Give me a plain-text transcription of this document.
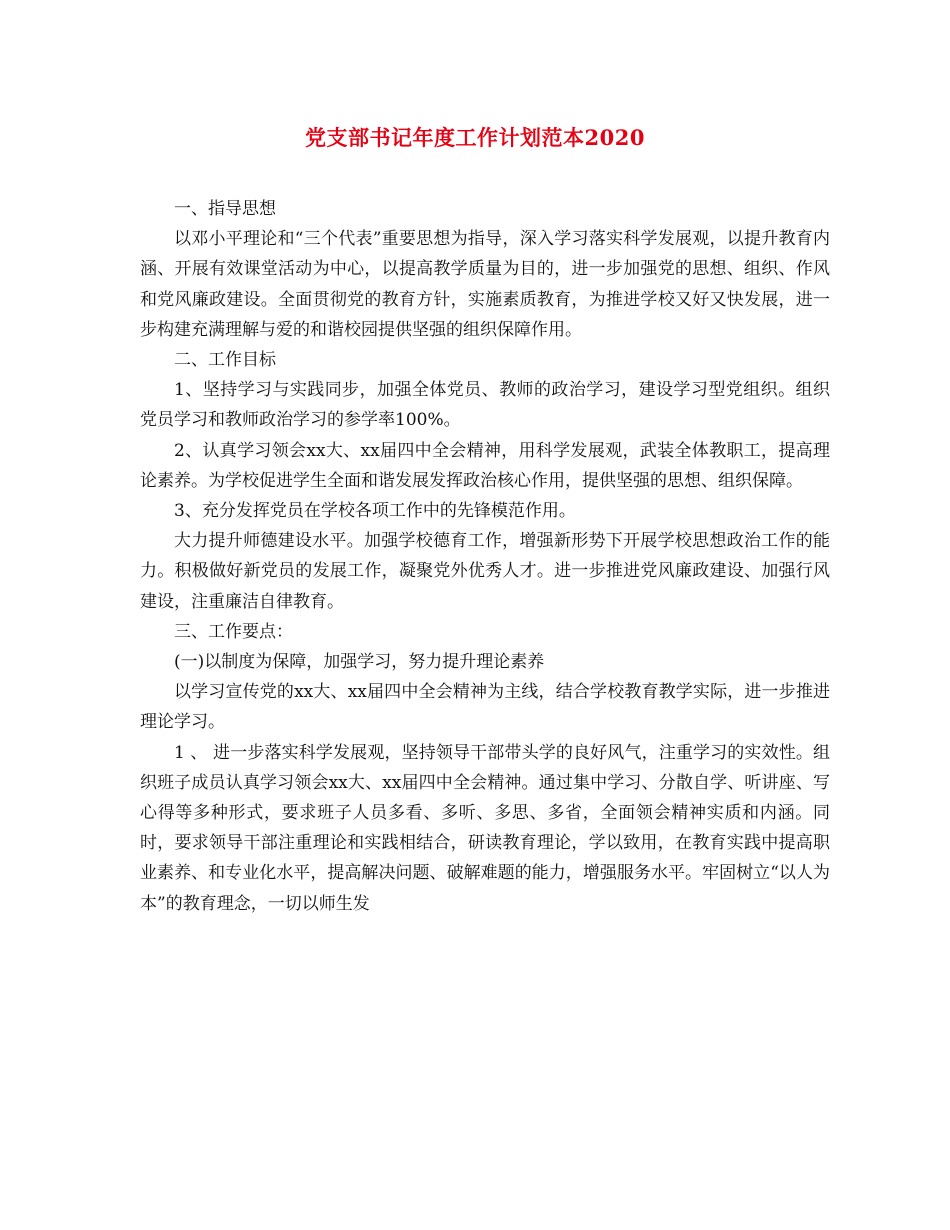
党支部书记年度工作计划范本2020

一、指导思想

以邓小平理论和“三个代表”重要思想为指导，深入学习落实科学发展观，以提升教育内涵、开展有效课堂活动为中心，以提高教学质量为目的，进一步加强党的思想、组织、作风和党风廉政建设。全面贯彻党的教育方针，实施素质教育，为推进学校又好又快发展，进一步构建充满理解与爱的和谐校园提供坚强的组织保障作用。

二、工作目标

1、坚持学习与实践同步，加强全体党员、教师的政治学习，建设学习型党组织。组织党员学习和教师政治学习的参学率100%。

2、认真学习领会xx大、xx届四中全会精神，用科学发展观，武装全体教职工，提高理论素养。为学校促进学生全面和谐发展发挥政治核心作用，提供坚强的思想、组织保障。

3、充分发挥党员在学校各项工作中的先锋模范作用。

大力提升师德建设水平。加强学校德育工作，增强新形势下开展学校思想政治工作的能力。积极做好新党员的发展工作，凝聚党外优秀人才。进一步推进党风廉政建设、加强行风建设，注重廉洁自律教育。

三、工作要点：

(一)以制度为保障，加强学习，努力提升理论素养

以学习宣传党的xx大、xx届四中全会精神为主线，结合学校教育教学实际，进一步推进理论学习。

1 、 进一步落实科学发展观，坚持领导干部带头学的良好风气，注重学习的实效性。组织班子成员认真学习领会xx大、xx届四中全会精神。通过集中学习、分散自学、听讲座、写心得等多种形式，要求班子人员多看、多听、多思、多省，全面领会精神实质和内涵。同时，要求领导干部注重理论和实践相结合，研读教育理论，学以致用，在教育实践中提高职业素养、和专业化水平，提高解决问题、破解难题的能力，增强服务水平。牢固树立“以人为本”的教育理念，一切以师生发
